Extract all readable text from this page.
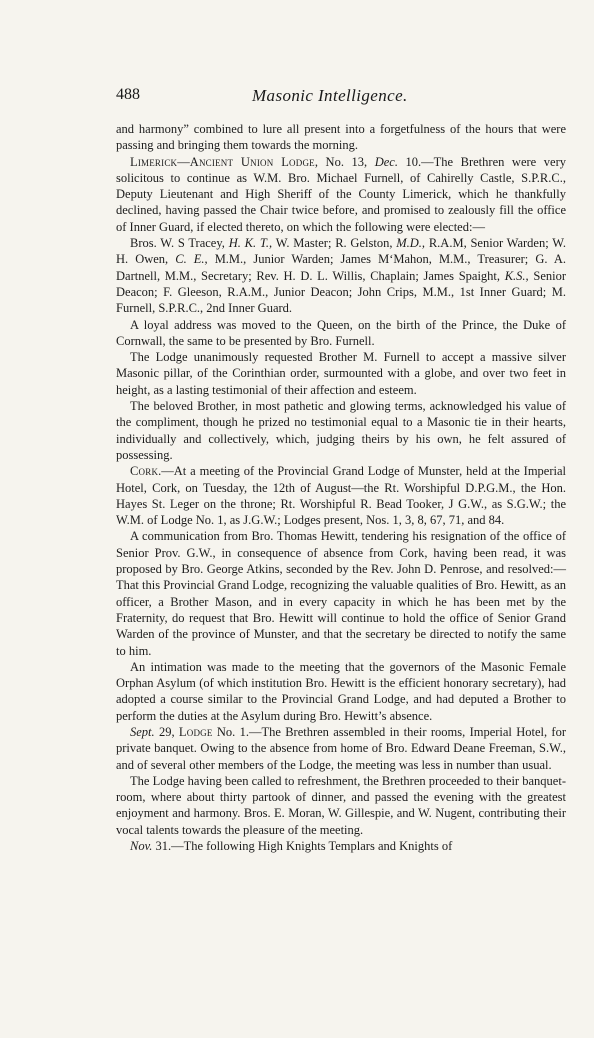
488	Masonic Intelligence.

and harmony” combined to lure all present into a forgetfulness of the hours that were passing and bringing them towards the morning.

Limerick—Ancient Union Lodge, No. 13, Dec. 10.—The Brethren were very solicitous to continue as W.M. Bro. Michael Furnell, of Cahirelly Castle, S.P.R.C., Deputy Lieutenant and High Sheriff of the County Limerick, which he thankfully declined, having passed the Chair twice before, and promised to zealously fill the office of Inner Guard, if elected thereto, on which the following were elected:—

Bros. W. S Tracey, H. K. T., W. Master; R. Gelston, M.D., R.A.M, Senior Warden; W. H. Owen, C. E., M.M., Junior Warden; James M‘Mahon, M.M., Treasurer; G. A. Dartnell, M.M., Secretary; Rev. H. D. L. Willis, Chaplain; James Spaight, K.S., Senior Deacon; F. Gleeson, R.A.M., Junior Deacon; John Crips, M.M., 1st Inner Guard; M. Furnell, S.P.R.C., 2nd Inner Guard.

A loyal address was moved to the Queen, on the birth of the Prince, the Duke of Cornwall, the same to be presented by Bro. Furnell.

The Lodge unanimously requested Brother M. Furnell to accept a massive silver Masonic pillar, of the Corinthian order, surmounted with a globe, and over two feet in height, as a lasting testimonial of their affection and esteem.

The beloved Brother, in most pathetic and glowing terms, acknowledged his value of the compliment, though he prized no testimonial equal to a Masonic tie in their hearts, individually and collectively, which, judging theirs by his own, he felt assured of possessing.

Cork.—At a meeting of the Provincial Grand Lodge of Munster, held at the Imperial Hotel, Cork, on Tuesday, the 12th of August—the Rt. Worshipful D.P.G.M., the Hon. Hayes St. Leger on the throne; Rt. Worshipful R. Bead Tooker, J G.W., as S.G.W.; the W.M. of Lodge No. 1, as J.G.W.; Lodges present, Nos. 1, 3, 8, 67, 71, and 84.

A communication from Bro. Thomas Hewitt, tendering his resignation of the office of Senior Prov. G.W., in consequence of absence from Cork, having been read, it was proposed by Bro. George Atkins, seconded by the Rev. John D. Penrose, and resolved:—That this Provincial Grand Lodge, recognizing the valuable qualities of Bro. Hewitt, as an officer, a Brother Mason, and in every capacity in which he has been met by the Fraternity, do request that Bro. Hewitt will continue to hold the office of Senior Grand Warden of the province of Munster, and that the secretary be directed to notify the same to him.

An intimation was made to the meeting that the governors of the Masonic Female Orphan Asylum (of which institution Bro. Hewitt is the efficient honorary secretary), had adopted a course similar to the Provincial Grand Lodge, and had deputed a Brother to perform the duties at the Asylum during Bro. Hewitt’s absence.

Sept. 29, Lodge No. 1.—The Brethren assembled in their rooms, Imperial Hotel, for private banquet. Owing to the absence from home of Bro. Edward Deane Freeman, S.W., and of several other members of the Lodge, the meeting was less in number than usual.

The Lodge having been called to refreshment, the Brethren proceeded to their banquet-room, where about thirty partook of dinner, and passed the evening with the greatest enjoyment and harmony. Bros. E. Moran, W. Gillespie, and W. Nugent, contributing their vocal talents towards the pleasure of the meeting.

Nov. 31.—The following High Knights Templars and Knights of
